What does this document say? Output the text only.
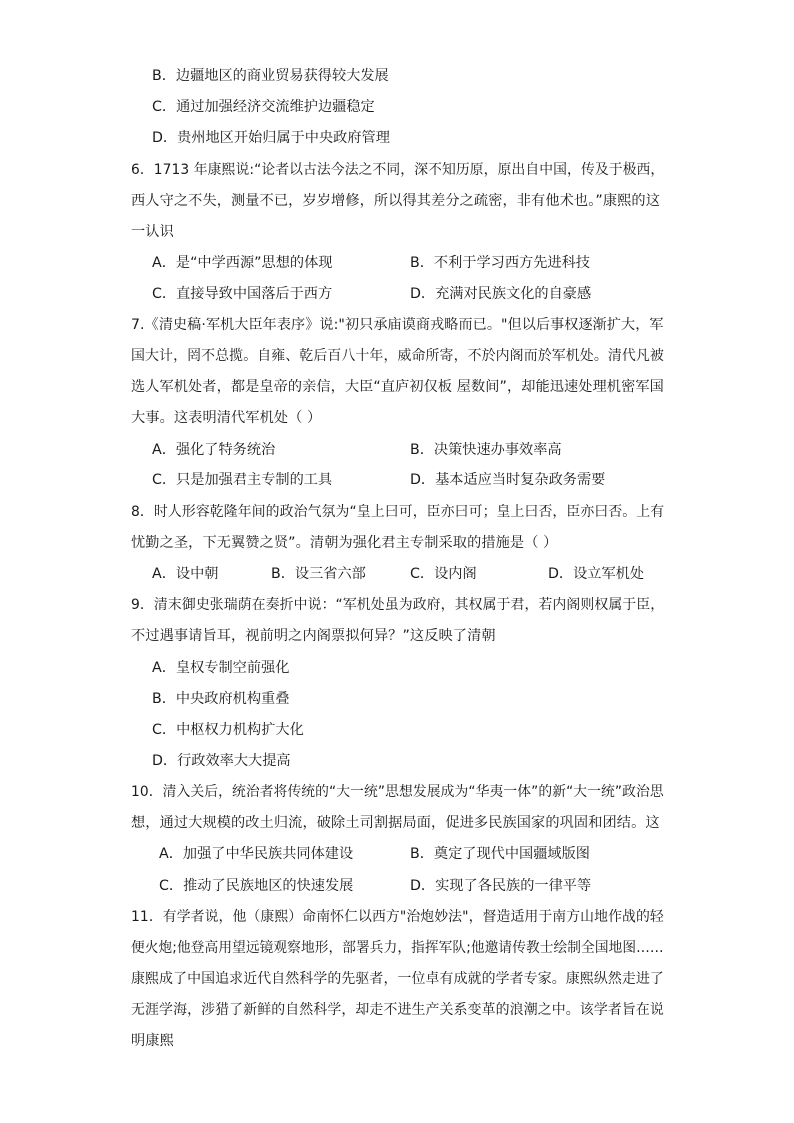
B．边疆地区的商业贸易获得较大发展
C．通过加强经济交流维护边疆稳定
D．贵州地区开始归属于中央政府管理
6．1713 年康熙说:“论者以古法今法之不同，深不知历原，原出自中国，传及于极西，
西人守之不失，测量不已，岁岁增修，所以得其差分之疏密，非有他术也。”康熙的这
一认识
A．是“中学西源”思想的体现	B．不利于学习西方先进科技
C．直接导致中国落后于西方	D．充满对民族文化的自豪感
7.《清史稿·军机大臣年表序》说:"初只承庙谟商戎略而已。"但以后事权逐渐扩大，军
国大计，罔不总揽。自雍、乾后百八十年，威命所寄，不於内阁而於军机处。清代凡被
选人军机处者，都是皇帝的亲信，大臣“直庐初仅板 屋数间”，却能迅速处理机密军国
大事。这表明清代军机处（ ）
A．强化了特务统治	B．决策快速办事效率高
C．只是加强君主专制的工具	D．基本适应当时复杂政务需要
8．时人形容乾隆年间的政治气氛为“皇上曰可，臣亦曰可；皇上曰否，臣亦曰否。上有
忧勤之圣，下无翼赞之贤”。清朝为强化君主专制采取的措施是（ ）
A．设中朝	B．设三省六部	C．设内阁	D．设立军机处
9．清末御史张瑞荫在奏折中说：“军机处虽为政府，其权属于君，若内阁则权属于臣，
不过遇事请旨耳，视前明之内阁票拟何异？”这反映了清朝
A．皇权专制空前强化
B．中央政府机构重叠
C．中枢权力机构扩大化
D．行政效率大大提高
10．清入关后，统治者将传统的“大一统”思想发展成为“华夷一体”的新“大一统”政治思
想，通过大规模的改土归流，破除土司割据局面，促进多民族国家的巩固和团结。这
A．加强了中华民族共同体建设	B．奠定了现代中国疆域版图
C．推动了民族地区的快速发展	D．实现了各民族的一律平等
11．有学者说，他（康熙）命南怀仁以西方"治炮妙法"，督造适用于南方山地作战的轻
便火炮;他登高用望远镜观察地形，部署兵力，指挥军队;他邀请传教士绘制全国地图……
康熙成了中国追求近代自然科学的先驱者，一位卓有成就的学者专家。康熙纵然走进了
无涯学海，涉猎了新鲜的自然科学，却走不进生产关系变革的浪潮之中。该学者旨在说
明康熙
